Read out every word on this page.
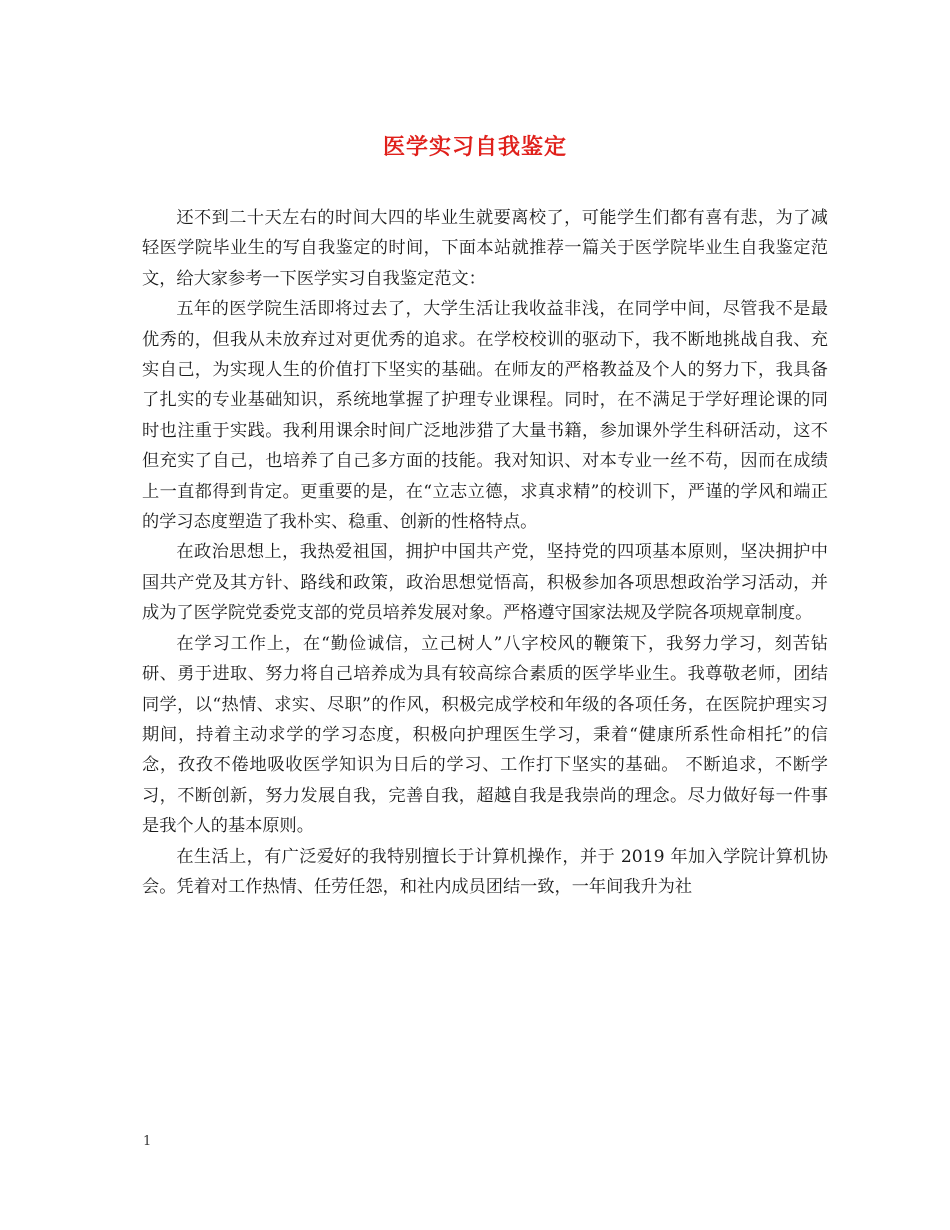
医学实习自我鉴定

还不到二十天左右的时间大四的毕业生就要离校了，可能学生们都有喜有悲，为了减轻医学院毕业生的写自我鉴定的时间，下面本站就推荐一篇关于医学院毕业生自我鉴定范文，给大家参考一下医学实习自我鉴定范文：

五年的医学院生活即将过去了，大学生活让我收益非浅，在同学中间，尽管我不是最优秀的，但我从未放弃过对更优秀的追求。在学校校训的驱动下，我不断地挑战自我、充实自己，为实现人生的价值打下坚实的基础。在师友的严格教益及个人的努力下，我具备了扎实的专业基础知识，系统地掌握了护理专业课程。同时，在不满足于学好理论课的同时也注重于实践。我利用课余时间广泛地涉猎了大量书籍，参加课外学生科研活动，这不但充实了自己，也培养了自己多方面的技能。我对知识、对本专业一丝不苟，因而在成绩上一直都得到肯定。更重要的是，在“立志立德，求真求精”的校训下，严谨的学风和端正的学习态度塑造了我朴实、稳重、创新的性格特点。

在政治思想上，我热爱祖国，拥护中国共产党，坚持党的四项基本原则，坚决拥护中国共产党及其方针、路线和政策，政治思想觉悟高，积极参加各项思想政治学习活动，并成为了医学院党委党支部的党员培养发展对象。严格遵守国家法规及学院各项规章制度。

在学习工作上，在“勤俭诚信，立己树人”八字校风的鞭策下，我努力学习，刻苦钻研、勇于进取、努力将自己培养成为具有较高综合素质的医学毕业生。我尊敬老师，团结同学，以“热情、求实、尽职”的作风，积极完成学校和年级的各项任务，在医院护理实习期间，持着主动求学的学习态度，积极向护理医生学习，秉着“健康所系性命相托”的信念，孜孜不倦地吸收医学知识为日后的学习、工作打下坚实的基础。 不断追求，不断学习，不断创新，努力发展自我，完善自我，超越自我是我崇尚的理念。尽力做好每一件事是我个人的基本原则。

在生活上，有广泛爱好的我特别擅长于计算机操作，并于 2019 年加入学院计算机协会。凭着对工作热情、任劳任怨，和社内成员团结一致，一年间我升为社

1
